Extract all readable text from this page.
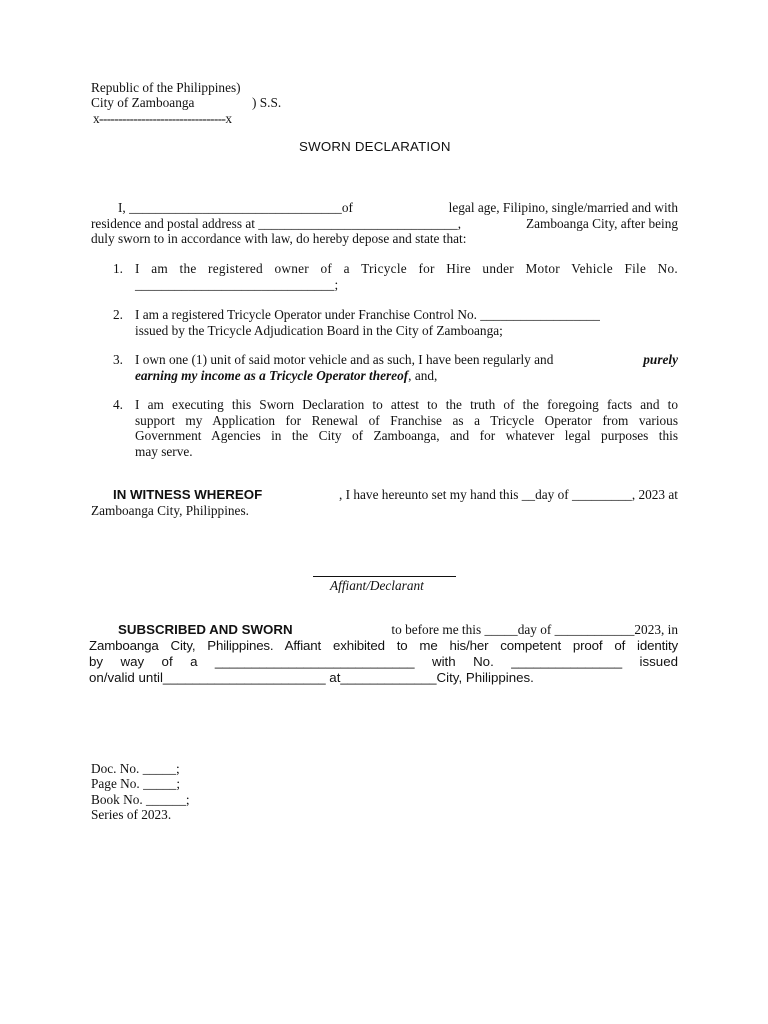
Republic of the Philippines)
City of Zamboanga	) S.S.
x---------------------------------x
SWORN DECLARATION
I, ________________________________of	legal age, Filipino, single/married and with
residence and postal address at ______________________________,	Zamboanga City, after being
duly sworn to in accordance with law, do hereby depose and state that:
1. I am the registered owner of a Tricycle for Hire under Motor Vehicle File No.
______________________________;
2. I am a registered Tricycle Operator under Franchise Control No. __________________
issued by the Tricycle Adjudication Board in the City of Zamboanga;
3. I own one (1) unit of said motor vehicle and as such, I have been regularly and	purely
earning my income as a Tricycle Operator thereof, and,
4. I am executing this Sworn Declaration to attest to the truth of the foregoing facts and to
support my Application for Renewal of Franchise as a Tricycle Operator from various
Government Agencies in the City of Zamboanga, and for whatever legal purposes this
may serve.
IN WITNESS WHEREOF	, I have hereunto set my hand this __day of _________, 2023 at
Zamboanga City, Philippines.
Affiant/Declarant
SUBSCRIBED AND SWORN	to before me this _____day of ____________2023, in
Zamboanga City, Philippines. Affiant exhibited to me his/her competent proof of identity
by way of a ___________________________ with No. _______________ issued
on/valid until______________________ at_____________City, Philippines.
Doc. No. _____;
Page No. _____;
Book No. ______;
Series of 2023.
